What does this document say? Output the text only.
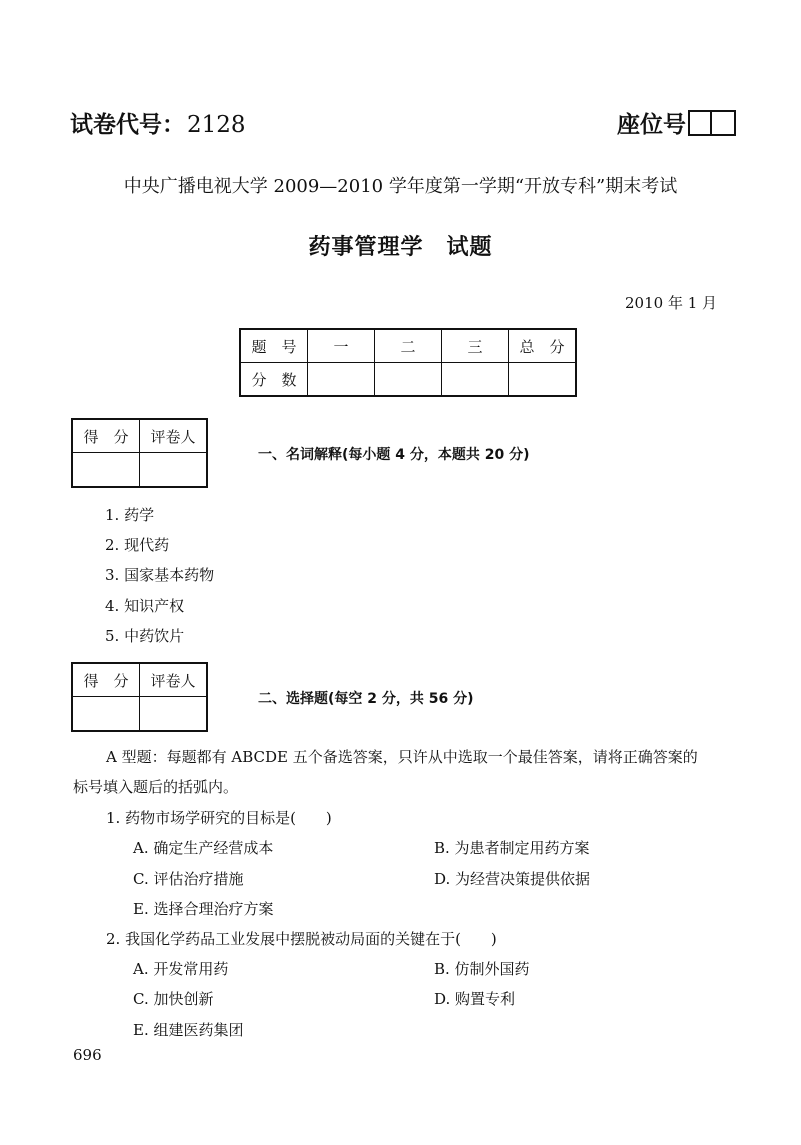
试卷代号：2128	座位号
中央广播电视大学 2009—2010 学年度第一学期“开放专科”期末考试
药事管理学　试题
2010 年 1 月
题　号	一	二	三	总　分
分　数				
得　分	评卷人

一、名词解释(每小题 4 分，本题共 20 分)
1. 药学
2. 现代药
3. 国家基本药物
4. 知识产权
5. 中药饮片
得　分	评卷人

二、选择题(每空 2 分，共 56 分)
A 型题：每题都有 ABCDE 五个备选答案，只许从中选取一个最佳答案，请将正确答案的
标号填入题后的括弧内。
1. 药物市场学研究的目标是(　　)
A. 确定生产经营成本	B. 为患者制定用药方案
C. 评估治疗措施	D. 为经营决策提供依据
E. 选择合理治疗方案
2. 我国化学药品工业发展中摆脱被动局面的关键在于(　　)
A. 开发常用药	B. 仿制外国药
C. 加快创新	D. 购置专利
E. 组建医药集团
696
